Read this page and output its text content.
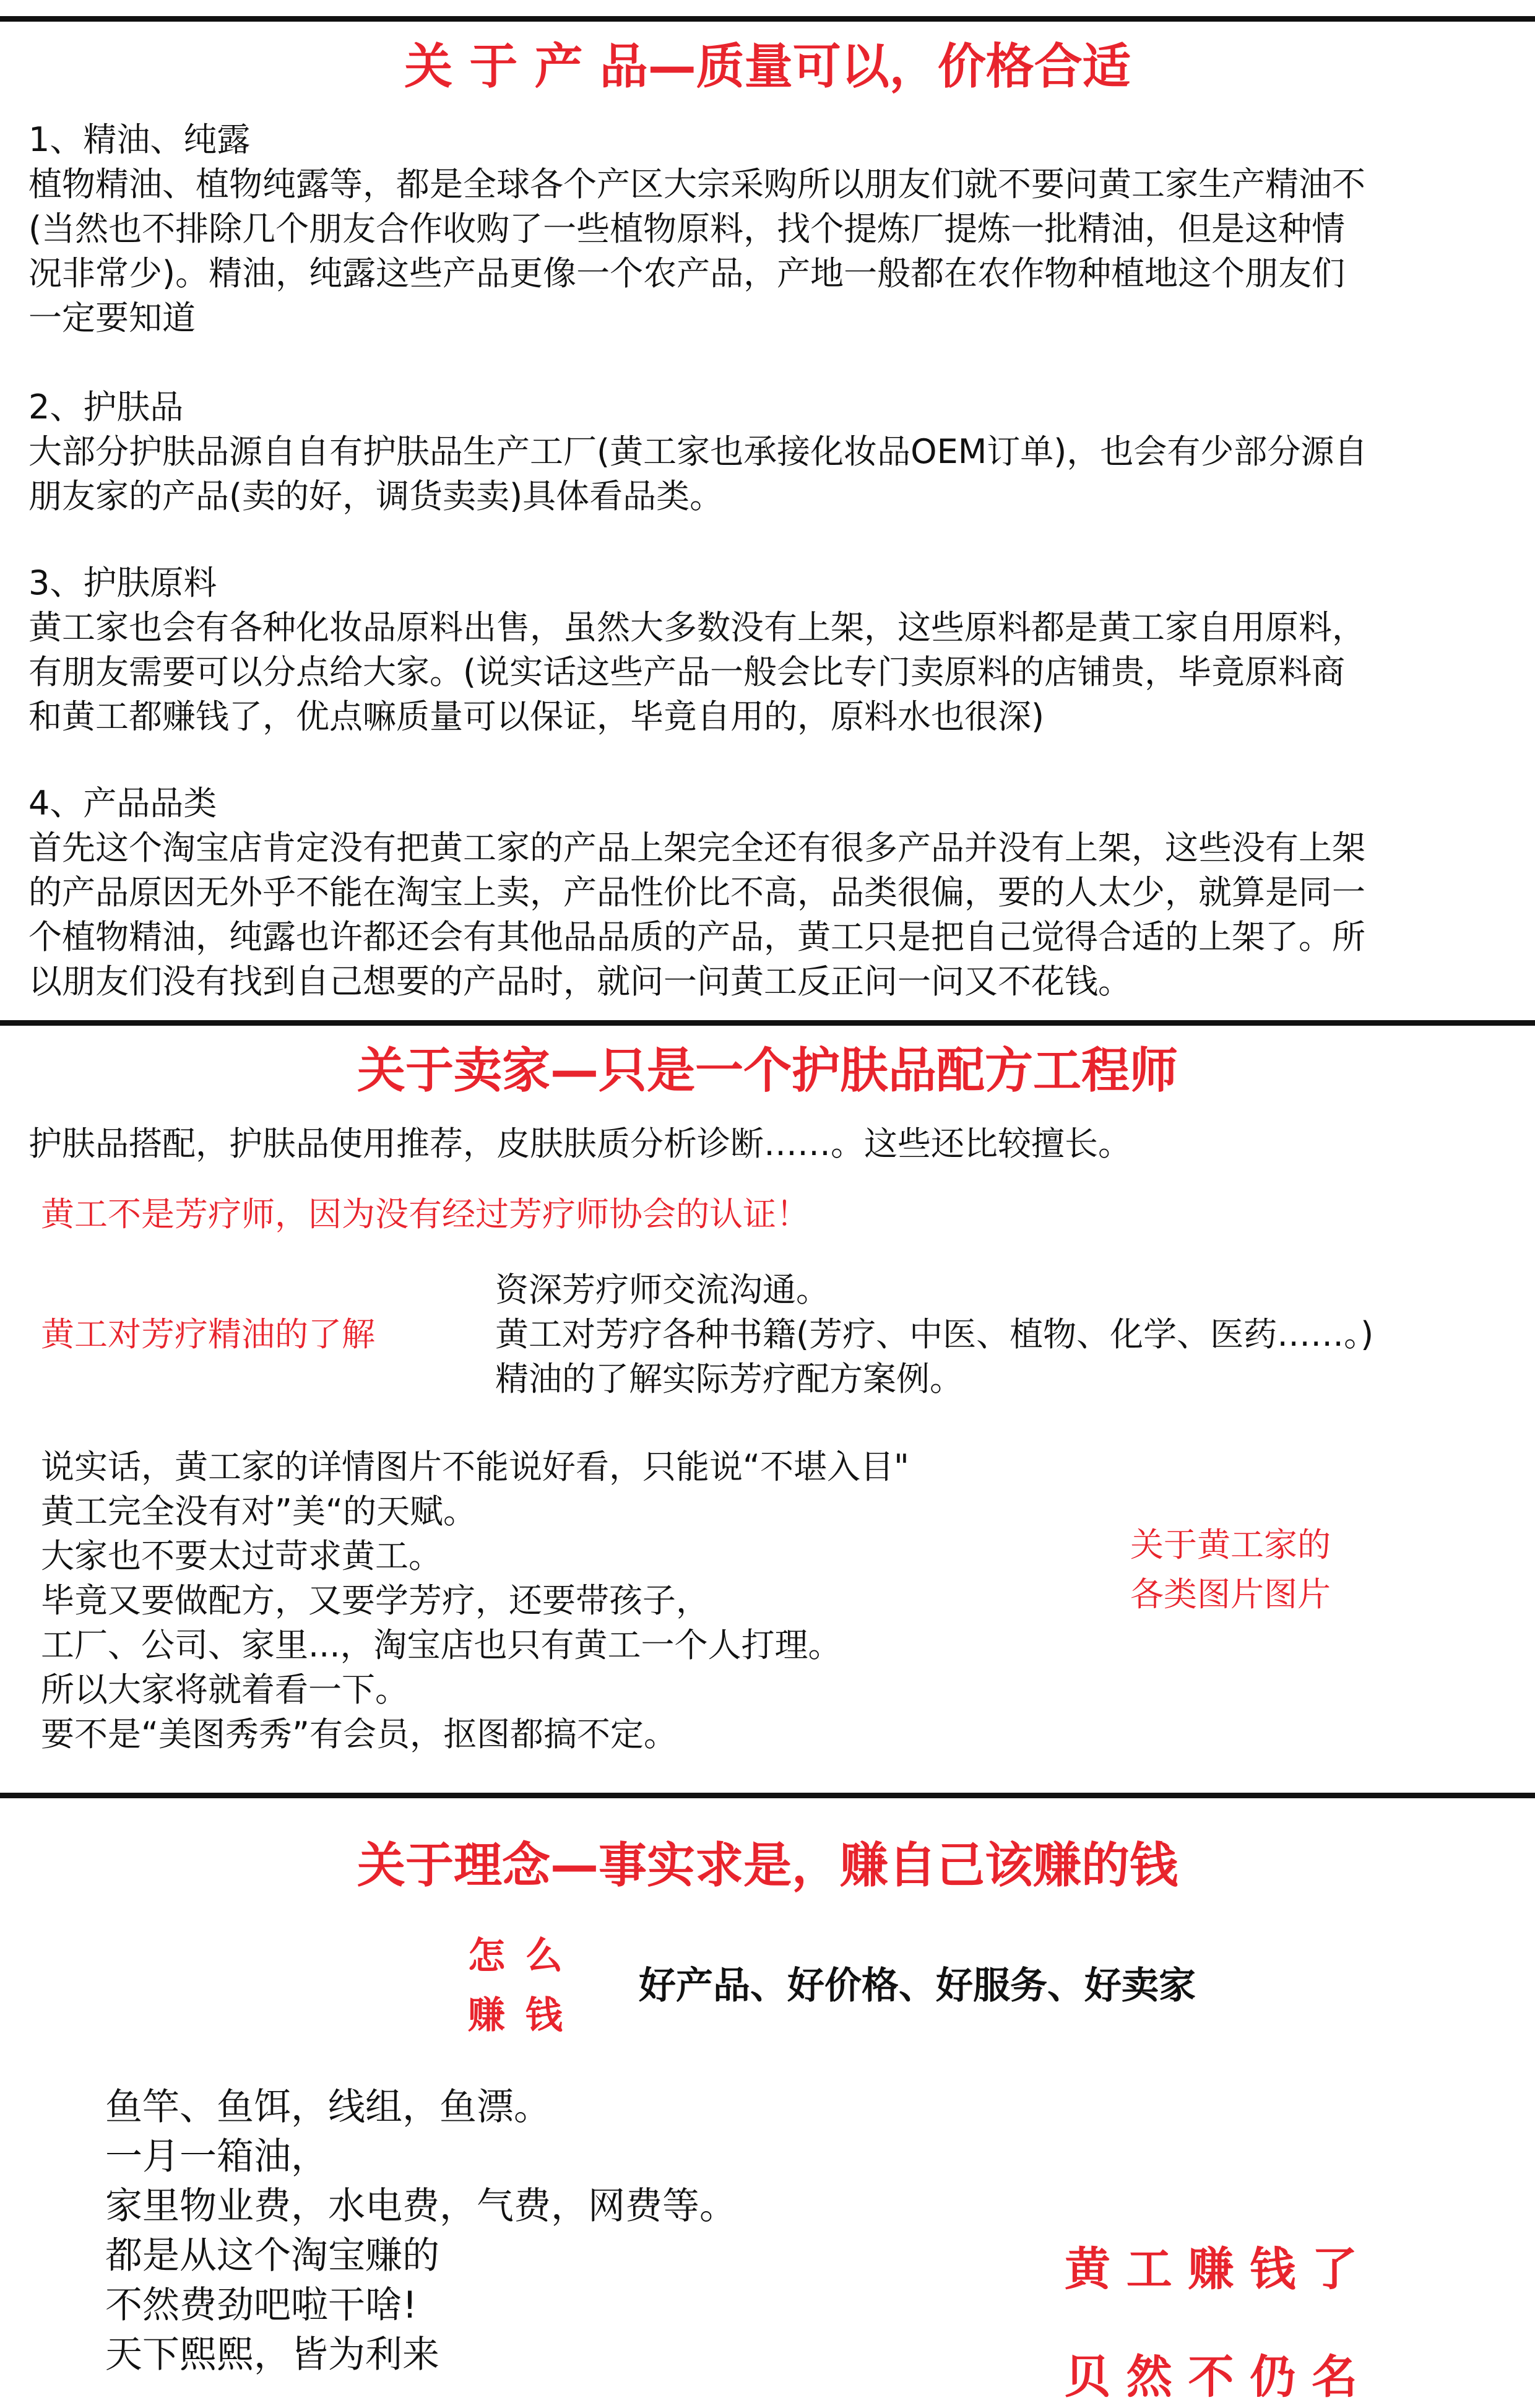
关 于 产 品—质量可以，价格合适
1、精油、纯露
植物精油、植物纯露等，都是全球各个产区大宗采购所以朋友们就不要问黄工家生产精油不
(当然也不排除几个朋友合作收购了一些植物原料，找个提炼厂提炼一批精油，但是这种情
况非常少)。精油，纯露这些产品更像一个农产品，产地一般都在农作物种植地这个朋友们
一定要知道
2、护肤品
大部分护肤品源自自有护肤品生产工厂(黄工家也承接化妆品OEM订单)，也会有少部分源自
朋友家的产品(卖的好，调货卖卖)具体看品类。
3、护肤原料
黄工家也会有各种化妆品原料出售，虽然大多数没有上架，这些原料都是黄工家自用原料，
有朋友需要可以分点给大家。(说实话这些产品一般会比专门卖原料的店铺贵，毕竟原料商
和黄工都赚钱了，优点嘛质量可以保证，毕竟自用的，原料水也很深)
4、产品品类
首先这个淘宝店肯定没有把黄工家的产品上架完全还有很多产品并没有上架，这些没有上架
的产品原因无外乎不能在淘宝上卖，产品性价比不高，品类很偏，要的人太少，就算是同一
个植物精油，纯露也许都还会有其他品品质的产品，黄工只是把自己觉得合适的上架了。所
以朋友们没有找到自己想要的产品时，就问一问黄工反正问一问又不花钱。
关于卖家—只是一个护肤品配方工程师
护肤品搭配，护肤品使用推荐，皮肤肤质分析诊断……。这些还比较擅长。
黄工不是芳疗师，因为没有经过芳疗师协会的认证！
黄工对芳疗精油的了解
资深芳疗师交流沟通。
黄工对芳疗各种书籍(芳疗、中医、植物、化学、医药……。)
精油的了解实际芳疗配方案例。
说实话，黄工家的详情图片不能说好看，只能说“不堪入目"
黄工完全没有对”美“的天赋。
大家也不要太过苛求黄工。
毕竟又要做配方，又要学芳疗，还要带孩子，
工厂、公司、家里...，淘宝店也只有黄工一个人打理。
所以大家将就着看一下。
要不是“美图秀秀”有会员，抠图都搞不定。
关于黄工家的
各类图片图片
关于理念—事实求是，赚自己该赚的钱
怎 么
赚 钱
好产品、好价格、好服务、好卖家
鱼竿、鱼饵，线组，鱼漂。
一月一箱油，
家里物业费，水电费，气费，网费等。
都是从这个淘宝赚的
不然费劲吧啦干啥!
天下熙熙，皆为利来
黄 工 赚 钱 了
贝 然 不 仍 名
